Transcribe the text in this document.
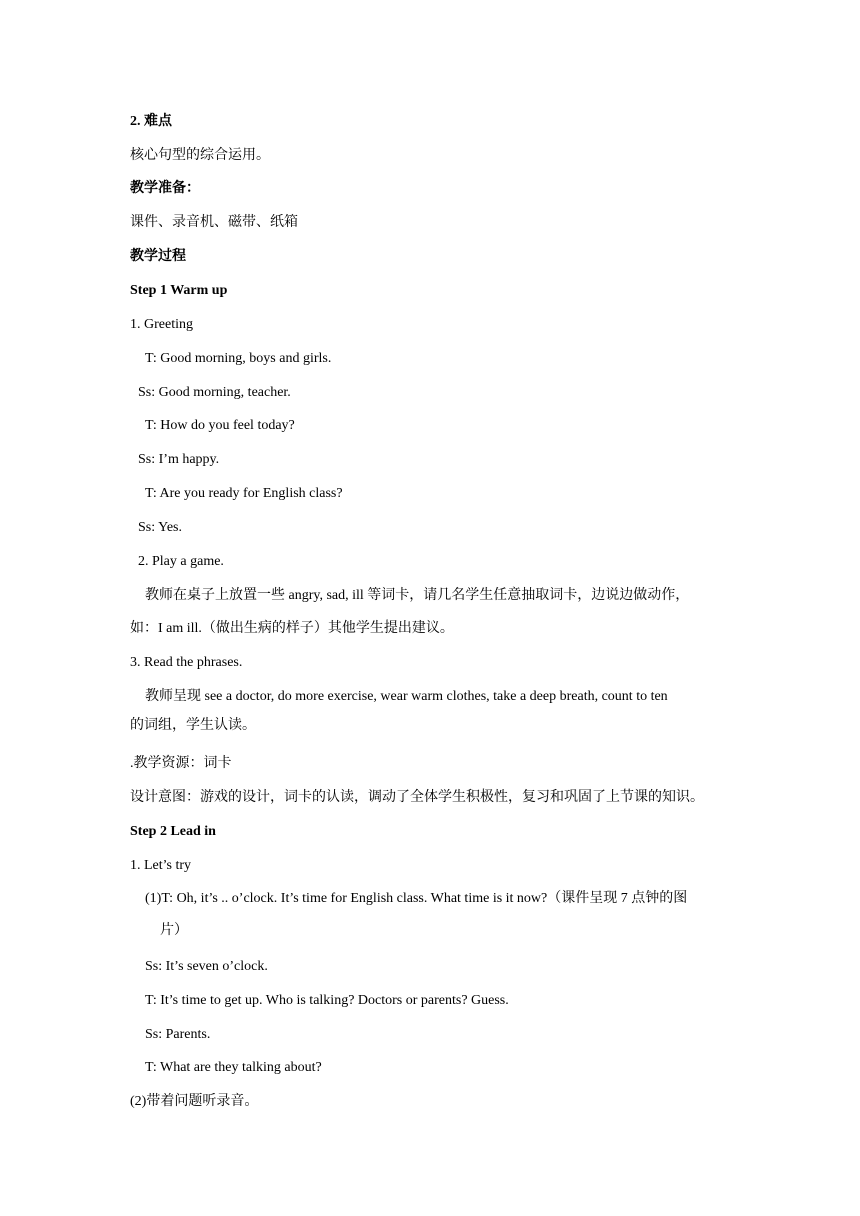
2. 难点
核心句型的综合运用。
教学准备：
课件、录音机、磁带、纸箱
教学过程
Step 1 Warm up
1. Greeting
T: Good morning, boys and girls.
Ss: Good morning, teacher.
T: How do you feel today?
Ss: I’m happy.
T: Are you ready for English class?
Ss: Yes.
2. Play a game.
教师在桌子上放置一些 angry, sad, ill 等词卡，请几名学生任意抽取词卡，边说边做动作，
如：I am ill.（做出生病的样子）其他学生提出建议。
3. Read the phrases.
教师呈现 see a doctor, do more exercise, wear warm clothes, take a deep breath, count to ten
的词组，学生认读。
.教学资源：词卡
设计意图：游戏的设计，词卡的认读，调动了全体学生积极性，复习和巩固了上节课的知识。
Step 2 Lead in
1. Let’s try
(1)T: Oh, it’s .. o’clock. It’s time for English class. What time is it now?（课件呈现 7 点钟的图
片）
Ss: It’s seven o’clock.
T: It’s time to get up. Who is talking? Doctors or parents? Guess.
Ss: Parents.
T: What are they talking about?
(2)带着问题听录音。
